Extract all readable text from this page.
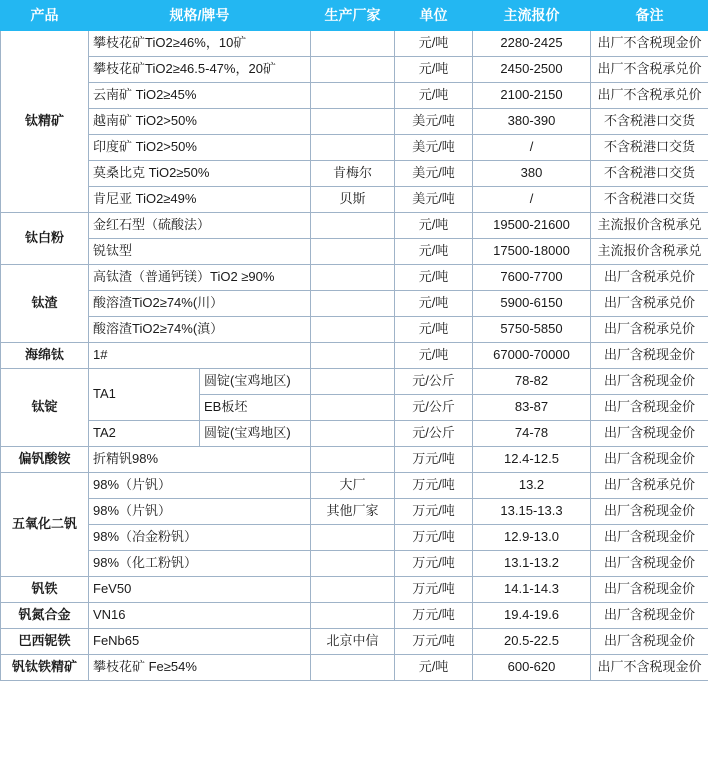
产品	规格/牌号		生产厂家	单位	主流报价	备注
钛精矿	攀枝花矿TiO2≥46%，10矿			元/吨	2280-2425	出厂不含税现金价
	攀枝花矿TiO2≥46.5-47%，20矿			元/吨	2450-2500	出厂不含税承兑价
	云南矿 TiO2≥45%			元/吨	2100-2150	出厂不含税承兑价
	越南矿 TiO2>50%			美元/吨	380-390	不含税港口交货
	印度矿 TiO2>50%			美元/吨	/	不含税港口交货
	莫桑比克 TiO2≥50%		肯梅尔	美元/吨	380	不含税港口交货
	肯尼亚 TiO2≥49%		贝斯	美元/吨	/	不含税港口交货
钛白粉	金红石型（硫酸法）			元/吨	19500-21600	主流报价含税承兑
	锐钛型			元/吨	17500-18000	主流报价含税承兑
钛渣	高钛渣（普通钙镁）TiO2 ≥90%			元/吨	7600-7700	出厂含税承兑价
	酸溶渣TiO2≥74%(川）			元/吨	5900-6150	出厂含税承兑价
	酸溶渣TiO2≥74%(滇）			元/吨	5750-5850	出厂含税承兑价
海绵钛	1#			元/吨	67000-70000	出厂含税现金价
钛锭	TA1	圆锭(宝鸡地区)		元/公斤	78-82	出厂含税现金价
		EB板坯		元/公斤	83-87	出厂含税现金价
	TA2	圆锭(宝鸡地区)		元/公斤	74-78	出厂含税现金价
偏钒酸铵	折精钒98%			万元/吨	12.4-12.5	出厂含税现金价
五氧化二钒	98%（片钒）		大厂	万元/吨	13.2	出厂含税承兑价
	98%（片钒）		其他厂家	万元/吨	13.15-13.3	出厂含税现金价
	98%（冶金粉钒）			万元/吨	12.9-13.0	出厂含税现金价
	98%（化工粉钒）			万元/吨	13.1-13.2	出厂含税现金价
钒铁	FeV50			万元/吨	14.1-14.3	出厂含税现金价
钒氮合金	VN16			万元/吨	19.4-19.6	出厂含税现金价
巴西铌铁	FeNb65		北京中信	万元/吨	20.5-22.5	出厂含税现金价
钒钛铁精矿	攀枝花矿 Fe≥54%			元/吨	600-620	出厂不含税现金价
